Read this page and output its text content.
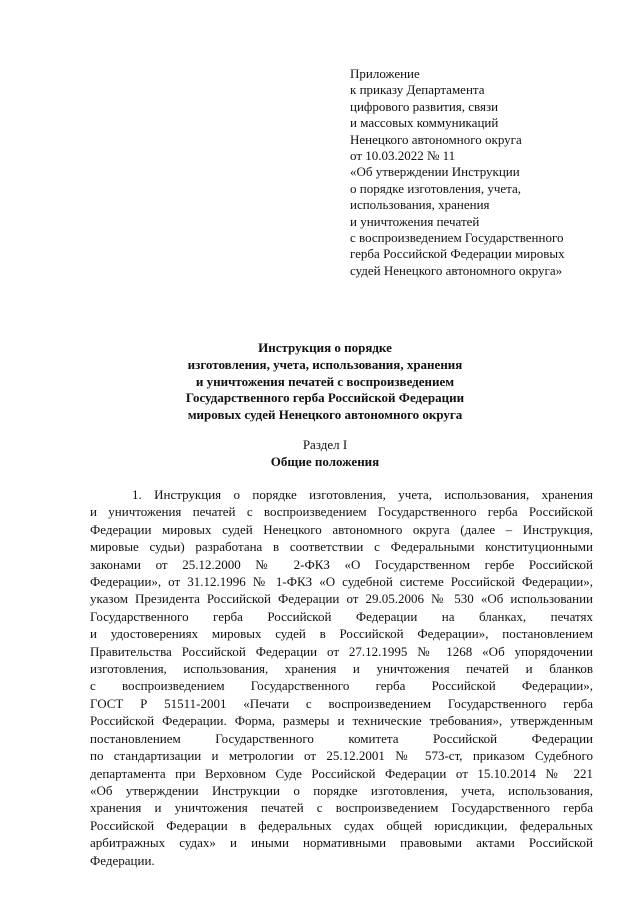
Приложение
к приказу Департамента
цифрового развития, связи
и массовых коммуникаций
Ненецкого автономного округа
от 10.03.2022 № 11
«Об утверждении Инструкции
о порядке изготовления, учета,
использования, хранения
и уничтожения печатей
с воспроизведением Государственного
герба Российской Федерации мировых
судей Ненецкого автономного округа»
Инструкция о порядке
изготовления, учета, использования, хранения
и уничтожения печатей с воспроизведением
Государственного герба Российской Федерации
мировых судей Ненецкого автономного округа
Раздел I
Общие положения
1. Инструкция о порядке изготовления, учета, использования, хранения
и уничтожения печатей с воспроизведением Государственного герба Российской
Федерации мировых судей Ненецкого автономного округа (далее – Инструкция,
мировые судьи) разработана в соответствии с Федеральными конституционными
законами от 25.12.2000 № 2-ФКЗ «О Государственном гербе Российской
Федерации», от 31.12.1996 № 1-ФКЗ «О судебной системе Российской Федерации»,
указом Президента Российской Федерации от 29.05.2006 № 530 «Об использовании
Государственного герба Российской Федерации на бланках, печатях
и удостоверениях мировых судей в Российской Федерации», постановлением
Правительства Российской Федерации от 27.12.1995 № 1268 «Об упорядочении
изготовления, использования, хранения и уничтожения печатей и бланков
с воспроизведением Государственного герба Российской Федерации»,
ГОСТ Р 51511-2001 «Печати с воспроизведением Государственного герба
Российской Федерации. Форма, размеры и технические требования», утвержденным
постановлением Государственного комитета Российской Федерации
по стандартизации и метрологии от 25.12.2001 № 573-ст, приказом Судебного
департамента при Верховном Суде Российской Федерации от 15.10.2014 № 221
«Об утверждении Инструкции о порядке изготовления, учета, использования,
хранения и уничтожения печатей с воспроизведением Государственного герба
Российской Федерации в федеральных судах общей юрисдикции, федеральных
арбитражных судах» и иными нормативными правовыми актами Российской
Федерации.
